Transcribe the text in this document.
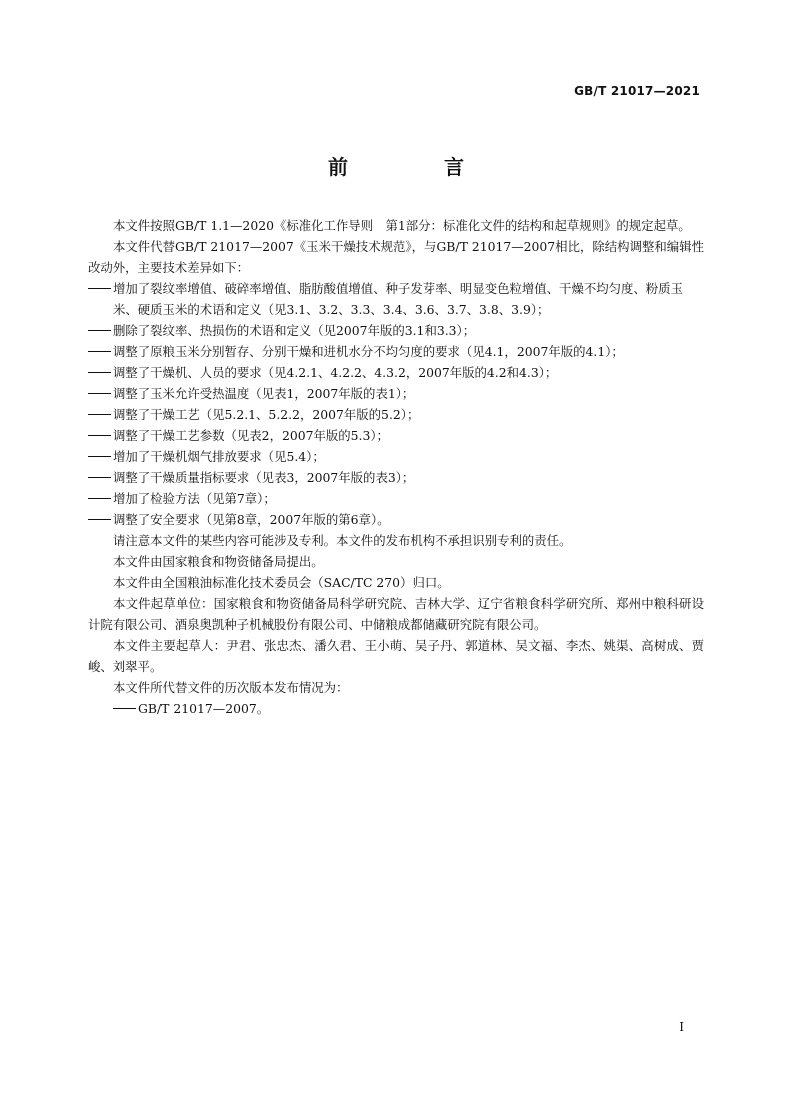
GB/T 21017—2021
前　言

本文件按照GB/T 1.1—2020《标准化工作导则　第1部分：标准化文件的结构和起草规则》的规定起草。

本文件代替GB/T 21017—2007《玉米干燥技术规范》，与GB/T 21017—2007相比，除结构调整和编辑性改动外，主要技术差异如下：

增加了裂纹率增值、破碎率增值、脂肪酸值增值、种子发芽率、明显变色粒增值、干燥不均匀度、粉质玉米、硬质玉米的术语和定义（见3.1、3.2、3.3、3.4、3.6、3.7、3.8、3.9）；
删除了裂纹率、热损伤的术语和定义（见2007年版的3.1和3.3）；
调整了原粮玉米分别暂存、分别干燥和进机水分不均匀度的要求（见4.1，2007年版的4.1）；
调整了干燥机、人员的要求（见4.2.1、4.2.2、4.3.2，2007年版的4.2和4.3）；
调整了玉米允许受热温度（见表1，2007年版的表1）；
调整了干燥工艺（见5.2.1、5.2.2，2007年版的5.2）；
调整了干燥工艺参数（见表2，2007年版的5.3）；
增加了干燥机烟气排放要求（见5.4）；
调整了干燥质量指标要求（见表3，2007年版的表3）；
增加了检验方法（见第7章）；
调整了安全要求（见第8章，2007年版的第6章）。

请注意本文件的某些内容可能涉及专利。本文件的发布机构不承担识别专利的责任。

本文件由国家粮食和物资储备局提出。

本文件由全国粮油标准化技术委员会（SAC/TC 270）归口。

本文件起草单位：国家粮食和物资储备局科学研究院、吉林大学、辽宁省粮食科学研究所、郑州中粮科研设计院有限公司、酒泉奥凯种子机械股份有限公司、中储粮成都储藏研究院有限公司。

本文件主要起草人：尹君、张忠杰、潘久君、王小萌、吴子丹、郭道林、吴文福、李杰、姚渠、高树成、贾峻、刘翠平。

本文件所代替文件的历次版本发布情况为：

GB/T 21017—2007。
I
